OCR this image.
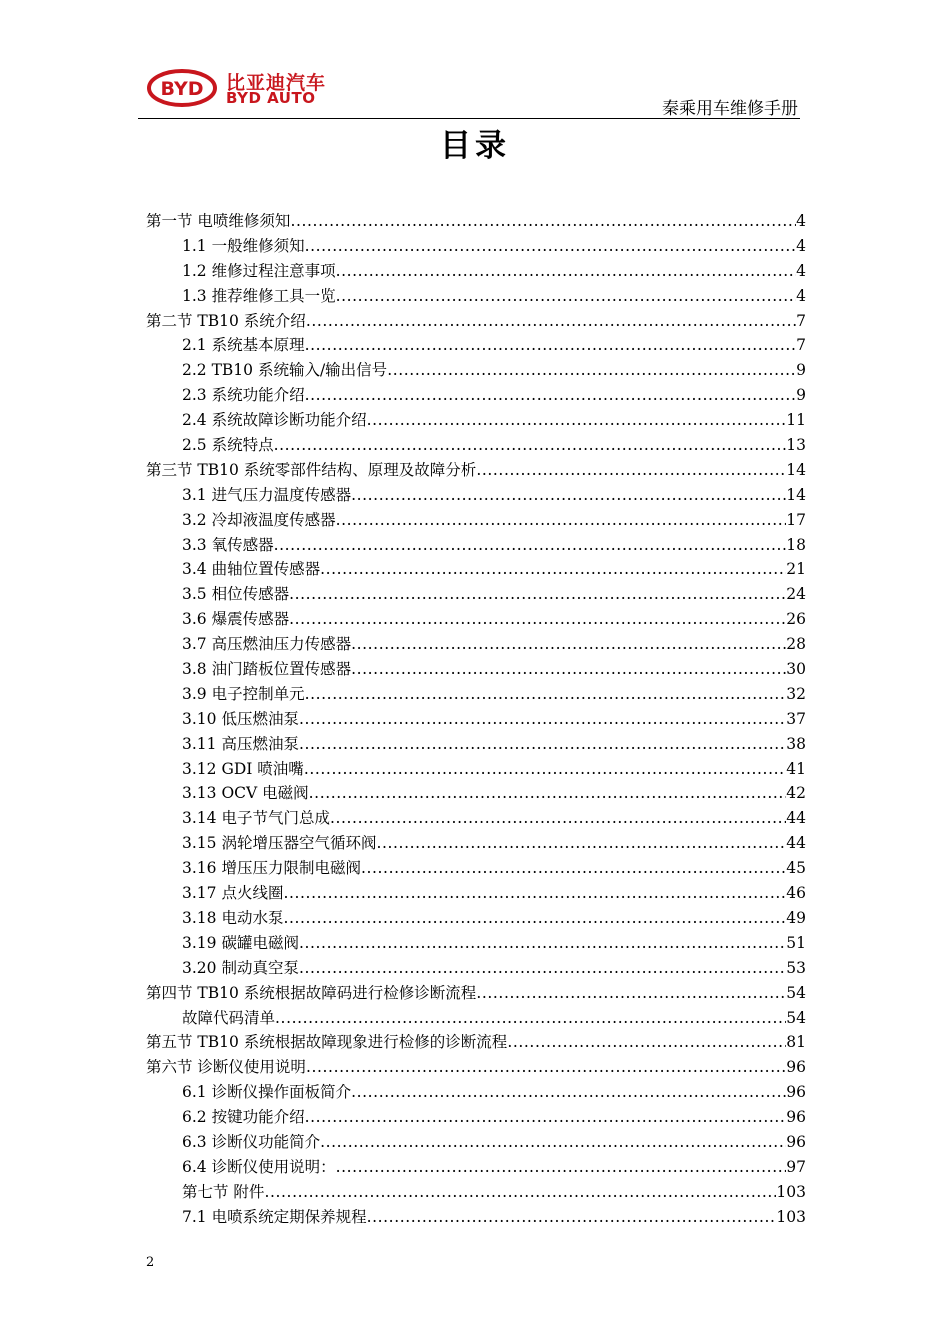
BYD 比亚迪汽车
BYD AUTO
秦乘用车维修手册
目录
第一节 电喷维修须知 .....	4
1.1 一般维修须知 .....	4
1.2 维修过程注意事项 .....	4
1.3 推荐维修工具一览 .....	4
第二节 TB10 系统介绍 .....	7
2.1 系统基本原理 .....	7
2.2 TB10 系统输入/输出信号 .....	9
2.3 系统功能介绍 .....	9
2.4 系统故障诊断功能介绍 .....	11
2.5 系统特点 .....	13
第三节 TB10 系统零部件结构、原理及故障分析 .....	14
3.1 进气压力温度传感器 .....	14
3.2 冷却液温度传感器 .....	17
3.3 氧传感器 .....	18
3.4 曲轴位置传感器 .....	21
3.5 相位传感器 .....	24
3.6 爆震传感器 .....	26
3.7 高压燃油压力传感器 .....	28
3.8 油门踏板位置传感器 .....	30
3.9 电子控制单元 .....	32
3.10 低压燃油泵 .....	37
3.11 高压燃油泵 .....	38
3.12 GDI 喷油嘴 .....	41
3.13 OCV 电磁阀 .....	42
3.14 电子节气门总成 .....	44
3.15 涡轮增压器空气循环阀 .....	44
3.16 增压压力限制电磁阀 .....	45
3.17 点火线圈 .....	46
3.18 电动水泵 .....	49
3.19 碳罐电磁阀 .....	51
3.20 制动真空泵 .....	53
第四节 TB10 系统根据故障码进行检修诊断流程 .....	54
故障代码清单 .....	54
第五节 TB10 系统根据故障现象进行检修的诊断流程 .....	81
第六节 诊断仪使用说明 .....	96
6.1 诊断仪操作面板简介 .....	96
6.2 按键功能介绍 .....	96
6.3 诊断仪功能简介 .....	96
6.4 诊断仪使用说明： .....	97
第七节 附件 .....	103
7.1 电喷系统定期保养规程 .....	103
2
